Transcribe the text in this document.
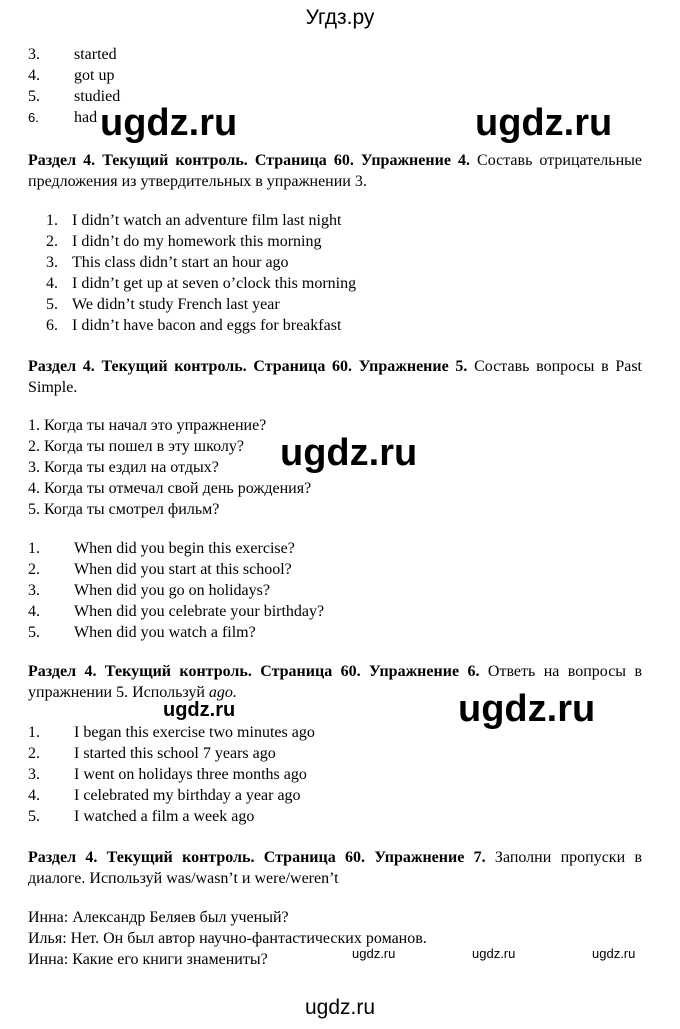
Угдз.ру
3. started
4. got up
5. studied
6. had ugdz.ru	ugdz.ru
Раздел 4. Текущий контроль. Страница 60. Упражнение 4. Составь отрицательные предложения из утвердительных в упражнении 3.
1. I didn’t watch an adventure film last night
2. I didn’t do my homework this morning
3. This class didn’t start an hour ago
4. I didn’t get up at seven o’clock this morning
5. We didn’t study French last year
6. I didn’t have bacon and eggs for breakfast
Раздел 4. Текущий контроль. Страница 60. Упражнение 5. Составь вопросы в Past Simple.
1. Когда ты начал это упражнение?
2. Когда ты пошел в эту школу?
3. Когда ты ездил на отдых?
4. Когда ты отмечал свой день рождения?
5. Когда ты смотрел фильм?
ugdz.ru
1. When did you begin this exercise?
2. When did you start at this school?
3. When did you go on holidays?
4. When did you celebrate your birthday?
5. When did you watch a film?
Раздел 4. Текущий контроль. Страница 60. Упражнение 6. Ответь на вопросы в упражнении 5. Используй ago.
ugdz.ru	ugdz.ru
1. I began this exercise two minutes ago
2. I started this school 7 years ago
3. I went on holidays three months ago
4. I celebrated my birthday a year ago
5. I watched a film a week ago
Раздел 4. Текущий контроль. Страница 60. Упражнение 7. Заполни пропуски в диалоге. Используй was/wasn’t и were/weren’t
Инна: Александр Беляев был ученый?
Илья: Нет. Он был автор научно-фантастических романов.
Инна: Какие его книги знамениты?	ugdz.ru	ugdz.ru	ugdz.ru
ugdz.ru
